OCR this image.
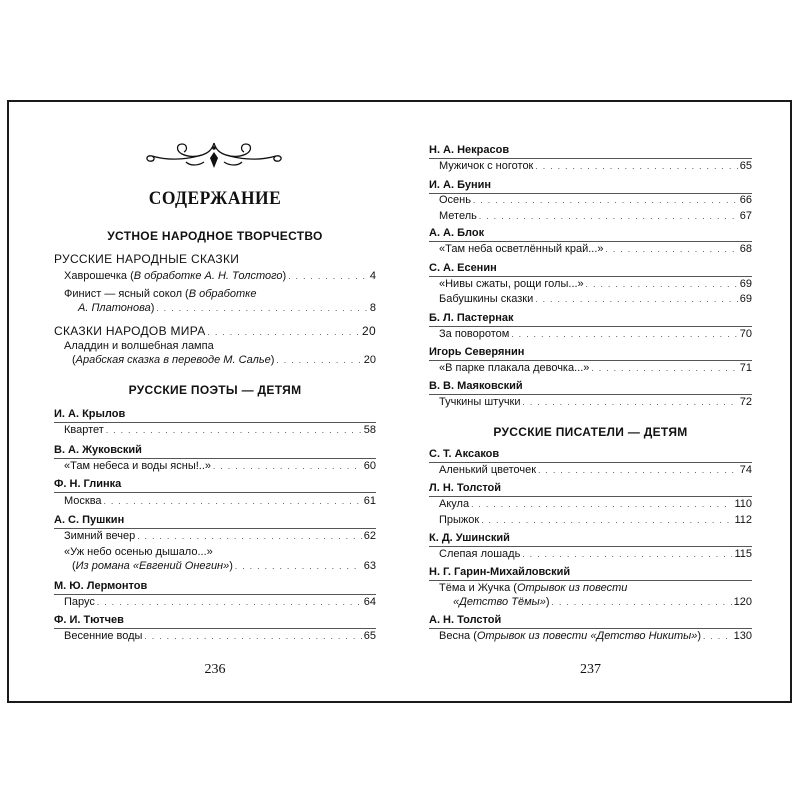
СОДЕРЖАНИЕ
УСТНОЕ НАРОДНОЕ ТВОРЧЕСТВО
РУССКИЕ НАРОДНЫЕ СКАЗКИ
Хаврошечка (В обработке А. Н. Толстого) . . .	4
Финист — ясный сокол (В обработке
А. Платонова) . . .	8
СКАЗКИ НАРОДОВ МИРА . . .	20
Аладдин и волшебная лампа
(Арабская сказка в переводе М. Салье) . . .	20
РУССКИЕ ПОЭТЫ — ДЕТЯМ
И. А. Крылов
Квартет . . .	58
В. А. Жуковский
«Там небеса и воды ясны!..» . . .	60
Ф. Н. Глинка
Москва . . .	61
А. С. Пушкин
Зимний вечер . . .	62
«Уж небо осенью дышало...»
(Из романа «Евгений Онегин») . . .	63
М. Ю. Лермонтов
Парус . . .	64
Ф. И. Тютчев
Весенние воды . . .	65
236
Н. А. Некрасов
Мужичок с ноготок . . .	65
И. А. Бунин
Осень . . .	66
Метель . . .	67
А. А. Блок
«Там неба осветлённый край...» . . .	68
С. А. Есенин
«Нивы сжаты, рощи голы...» . . .	69
Бабушкины сказки . . .	69
Б. Л. Пастернак
За поворотом . . .	70
Игорь Северянин
«В парке плакала девочка...» . . .	71
В. В. Маяковский
Тучкины штучки . . .	72
РУССКИЕ ПИСАТЕЛИ — ДЕТЯМ
С. Т. Аксаков
Аленький цветочек . . .	74
Л. Н. Толстой
Акула . . .	110
Прыжок . . .	112
К. Д. Ушинский
Слепая лошадь . . .	115
Н. Г. Гарин-Михайловский
Тёма и Жучка (Отрывок из повести
«Детство Тёмы») . . .	120
А. Н. Толстой
Весна (Отрывок из повести «Детство Никиты») . . .	130
237
